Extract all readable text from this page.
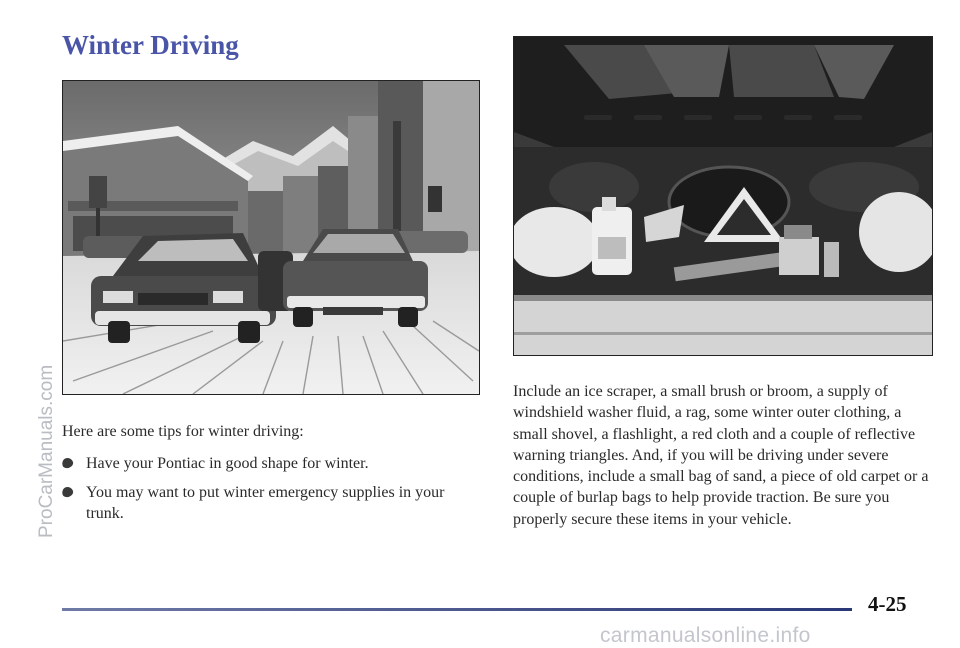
ProCarManuals.com
Winter Driving
Here are some tips for winter driving:
Have your Pontiac in good shape for winter.
You may want to put winter emergency supplies in your trunk.

Include an ice scraper, a small brush or broom, a supply of windshield washer fluid, a rag, some winter outer clothing, a small shovel, a flashlight, a red cloth and a couple of reflective warning triangles. And, if you will be driving under severe conditions, include a small bag of sand, a piece of old carpet or a couple of burlap bags to help provide traction. Be sure you properly secure these items in your vehicle.

4-25
carmanualsonline.info
